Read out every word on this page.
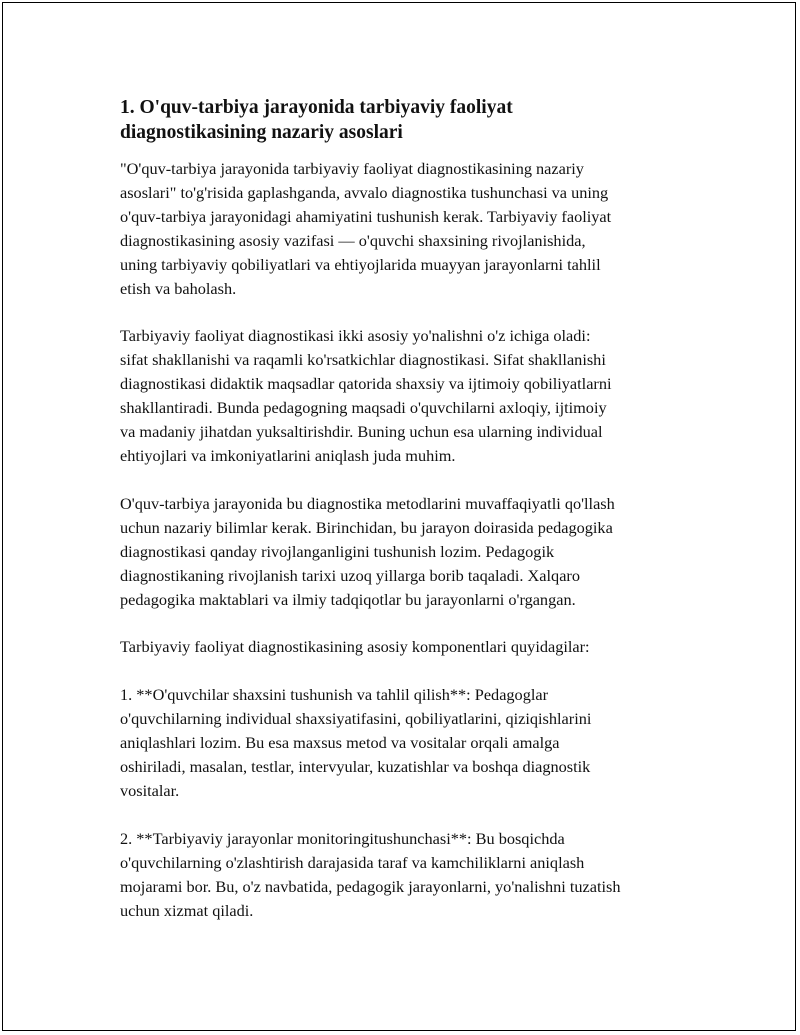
1. O'quv-tarbiya jarayonida tarbiyaviy faoliyat
diagnostikasining nazariy asoslari

"O'quv-tarbiya jarayonida tarbiyaviy faoliyat diagnostikasining nazariy
asoslari" to'g'risida gaplashganda, avvalo diagnostika tushunchasi va uning
o'quv-tarbiya jarayonidagi ahamiyatini tushunish kerak. Tarbiyaviy faoliyat
diagnostikasining asosiy vazifasi — o'quvchi shaxsining rivojlanishida,
uning tarbiyaviy qobiliyatlari va ehtiyojlarida muayyan jarayonlarni tahlil
etish va baholash.

Tarbiyaviy faoliyat diagnostikasi ikki asosiy yo'nalishni o'z ichiga oladi:
sifat shakllanishi va raqamli ko'rsatkichlar diagnostikasi. Sifat shakllanishi
diagnostikasi didaktik maqsadlar qatorida shaxsiy va ijtimoiy qobiliyatlarni
shakllantiradi. Bunda pedagogning maqsadi o'quvchilarni axloqiy, ijtimoiy
va madaniy jihatdan yuksaltirishdir. Buning uchun esa ularning individual
ehtiyojlari va imkoniyatlarini aniqlash juda muhim.

O'quv-tarbiya jarayonida bu diagnostika metodlarini muvaffaqiyatli qo'llash
uchun nazariy bilimlar kerak. Birinchidan, bu jarayon doirasida pedagogika
diagnostikasi qanday rivojlanganligini tushunish lozim. Pedagogik
diagnostikaning rivojlanish tarixi uzoq yillarga borib taqaladi. Xalqaro
pedagogika maktablari va ilmiy tadqiqotlar bu jarayonlarni o'rgangan.

Tarbiyaviy faoliyat diagnostikasining asosiy komponentlari quyidagilar:

1. **O'quvchilar shaxsini tushunish va tahlil qilish**: Pedagoglar
o'quvchilarning individual shaxsiyatifasini, qobiliyatlarini, qiziqishlarini
aniqlashlari lozim. Bu esa maxsus metod va vositalar orqali amalga
oshiriladi, masalan, testlar, intervyular, kuzatishlar va boshqa diagnostik
vositalar.

2. **Tarbiyaviy jarayonlar monitoringitushunchasi**: Bu bosqichda
o'quvchilarning o'zlashtirish darajasida taraf va kamchiliklarni aniqlash
mojarami bor. Bu, o'z navbatida, pedagogik jarayonlarni, yo'nalishni tuzatish
uchun xizmat qiladi.
